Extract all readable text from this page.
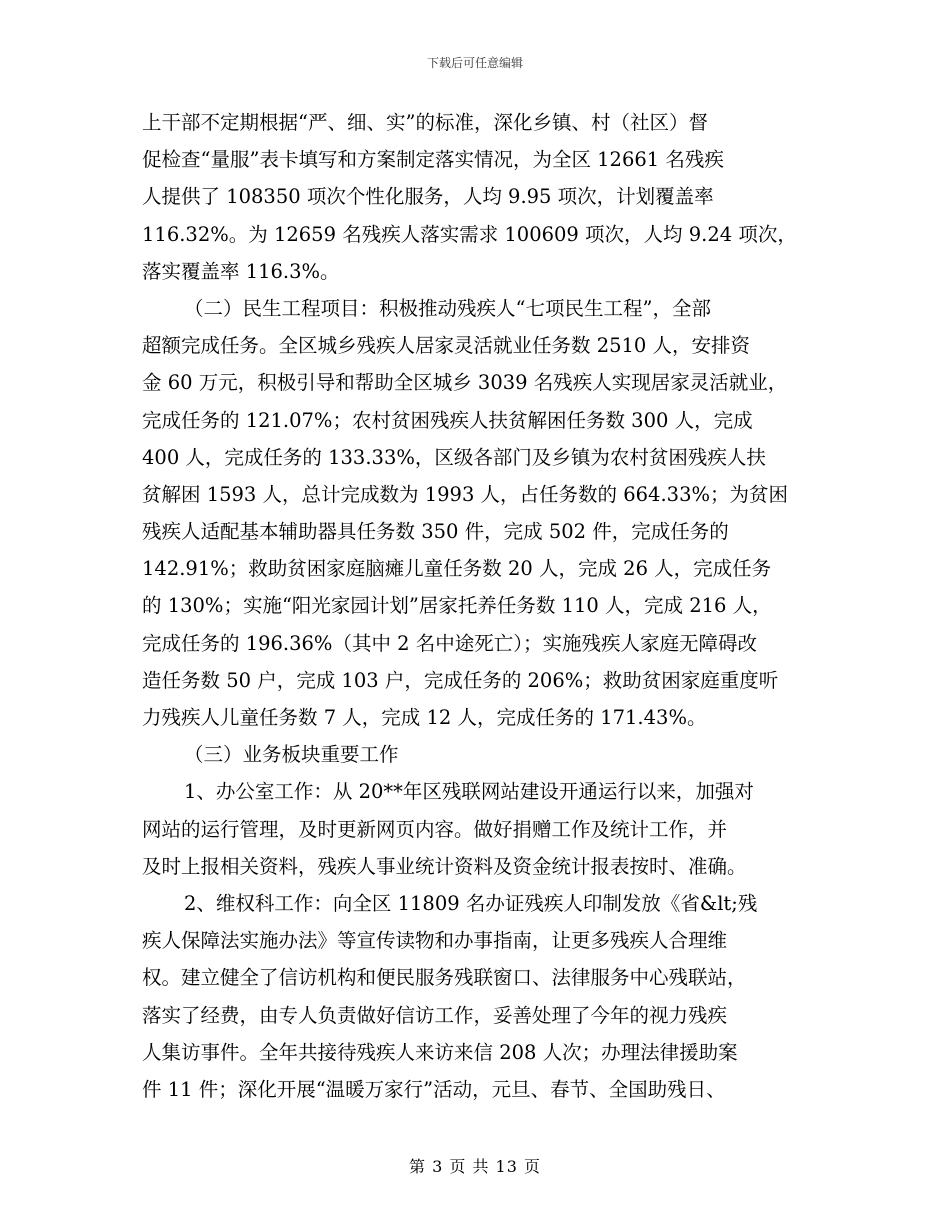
下载后可任意编辑
上干部不定期根据“严、细、实”的标准，深化乡镇、村（社区）督
促检查“量服”表卡填写和方案制定落实情况，为全区 12661 名残疾
人提供了 108350 项次个性化服务，人均 9.95 项次，计划覆盖率
116.32%。为 12659 名残疾人落实需求 100609 项次，人均 9.24 项次，
落实覆盖率 116.3%。
（二）民生工程项目：积极推动残疾人“七项民生工程”，全部
超额完成任务。全区城乡残疾人居家灵活就业任务数 2510 人，安排资
金 60 万元，积极引导和帮助全区城乡 3039 名残疾人实现居家灵活就业，
完成任务的 121.07%；农村贫困残疾人扶贫解困任务数 300 人，完成
400 人，完成任务的 133.33%，区级各部门及乡镇为农村贫困残疾人扶
贫解困 1593 人，总计完成数为 1993 人，占任务数的 664.33%；为贫困
残疾人适配基本辅助器具任务数 350 件，完成 502 件，完成任务的
142.91%；救助贫困家庭脑瘫儿童任务数 20 人，完成 26 人，完成任务
的 130%；实施“阳光家园计划”居家托养任务数 110 人，完成 216 人，
完成任务的 196.36%（其中 2 名中途死亡）；实施残疾人家庭无障碍改
造任务数 50 户，完成 103 户，完成任务的 206%；救助贫困家庭重度听
力残疾人儿童任务数 7 人，完成 12 人，完成任务的 171.43%。
（三）业务板块重要工作
1、办公室工作：从 20**年区残联网站建设开通运行以来，加强对
网站的运行管理，及时更新网页内容。做好捐赠工作及统计工作，并
及时上报相关资料，残疾人事业统计资料及资金统计报表按时、准确。
2、维权科工作：向全区 11809 名办证残疾人印制发放《省&lt;残
疾人保障法实施办法》等宣传读物和办事指南，让更多残疾人合理维
权。建立健全了信访机构和便民服务残联窗口、法律服务中心残联站，
落实了经费，由专人负责做好信访工作，妥善处理了今年的视力残疾
人集访事件。全年共接待残疾人来访来信 208 人次；办理法律援助案
件 11 件；深化开展“温暖万家行”活动，元旦、春节、全国助残日、
第 3 页 共 13 页
